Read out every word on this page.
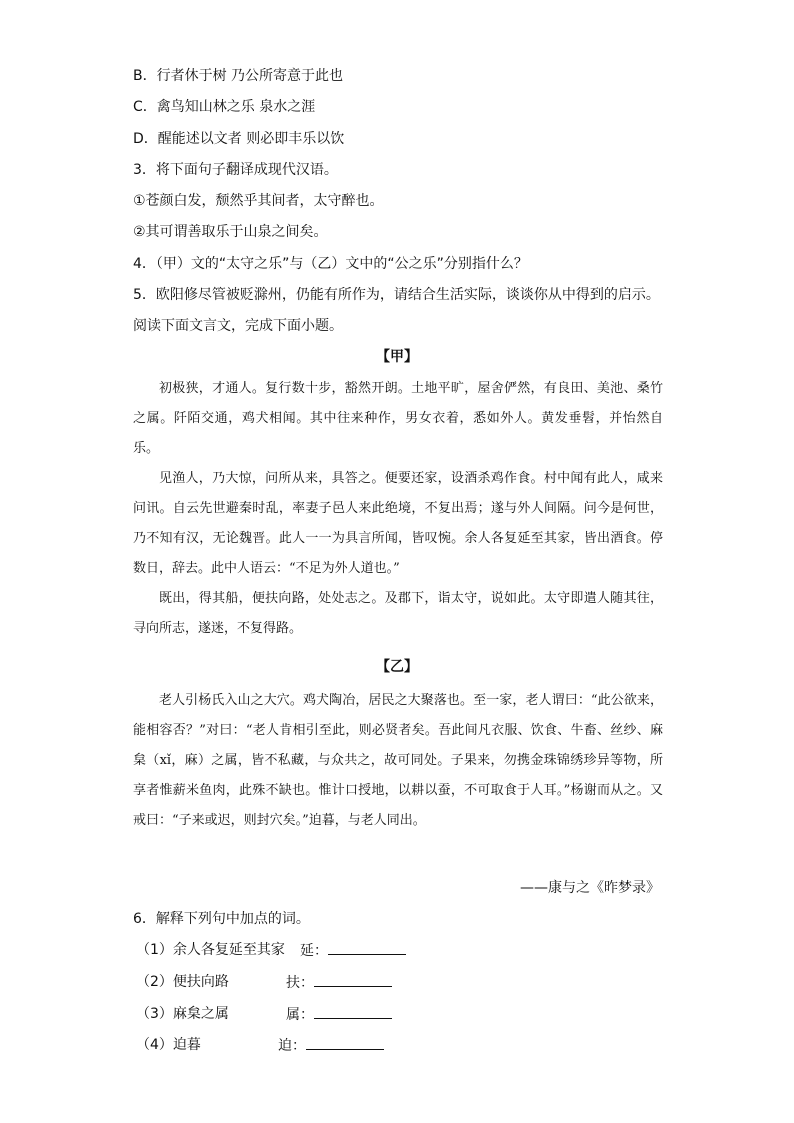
B．行者休于树 乃公所寄意于此也
C．禽鸟知山林之乐 泉水之涯
D．醒能述以文者 则必即丰乐以饮
3．将下面句子翻译成现代汉语。
①苍颜白发，颓然乎其间者，太守醉也。
②其可谓善取乐于山泉之间矣。
4．（甲）文的“太守之乐”与（乙）文中的“公之乐”分别指什么？
5．欧阳修尽管被贬滁州，仍能有所作为，请结合生活实际，谈谈你从中得到的启示。
阅读下面文言文，完成下面小题。
【甲】

初极狭，才通人。复行数十步，豁然开朗。土地平旷，屋舍俨然，有良田、美池、桑竹之属。阡陌交通，鸡犬相闻。其中往来种作，男女衣着，悉如外人。黄发垂髫，并怡然自乐。

见渔人，乃大惊，问所从来，具答之。便要还家，设酒杀鸡作食。村中闻有此人，咸来问讯。自云先世避秦时乱，率妻子邑人来此绝境，不复出焉；遂与外人间隔。问今是何世，乃不知有汉，无论魏晋。此人一一为具言所闻，皆叹惋。余人各复延至其家，皆出酒食。停数日，辞去。此中人语云：“不足为外人道也。”

既出，得其船，便扶向路，处处志之。及郡下，诣太守，说如此。太守即遣人随其往，寻向所志，遂迷，不复得路。

【乙】

老人引杨氏入山之大穴。鸡犬陶冶，居民之大聚落也。至一家，老人谓曰：“此公欲来，能相容否？”对曰：“老人肯相引至此，则必贤者矣。吾此间凡衣服、饮食、牛畜、丝纱、麻枲（xǐ，麻）之属，皆不私藏，与众共之，故可同处。子果来，勿携金珠锦绣珍异等物，所享者惟薪米鱼肉，此殊不缺也。惟计口授地，以耕以蚕，不可取食于人耳。”杨谢而从之。又戒曰：“子来或迟，则封穴矣。”迫暮，与老人同出。

——康与之《昨梦录》
6．解释下列句中加点的词。
（1）余人各复延至其家 延：
（2）便扶向路	扶：
（3）麻枲之属	属：
（4）迫暮	迫：
